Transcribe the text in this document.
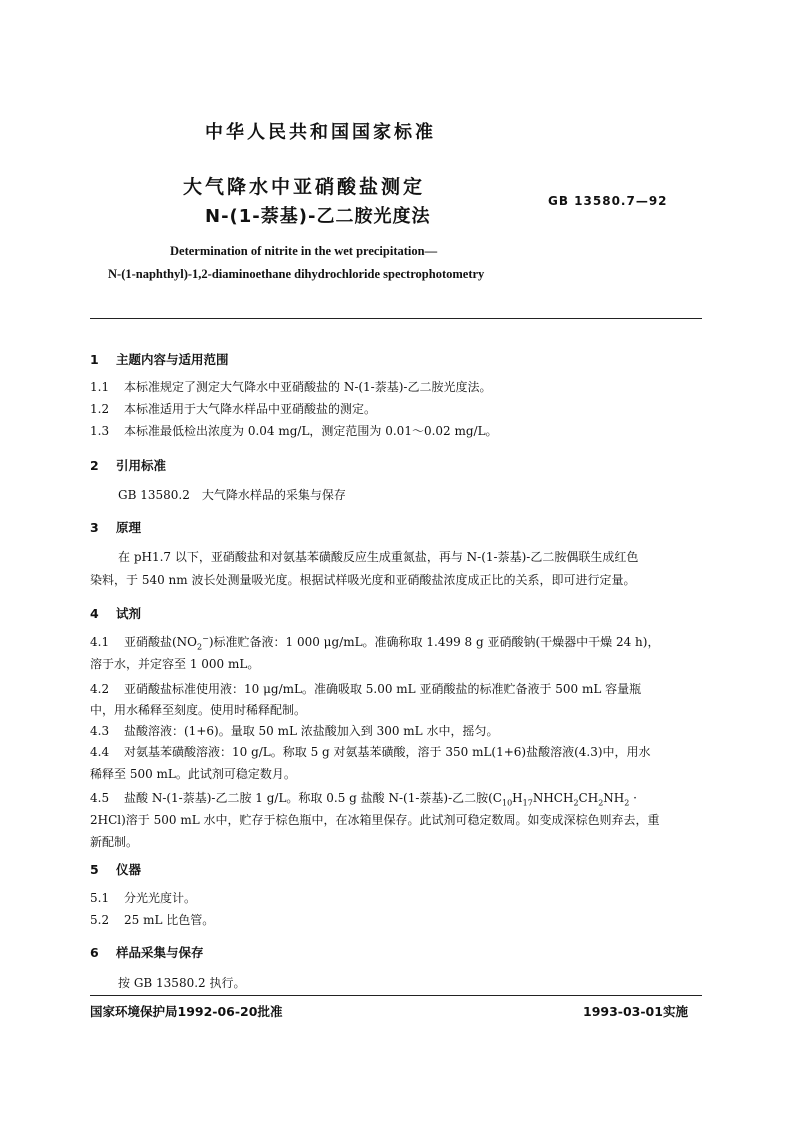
中华人民共和国国家标准
大气降水中亚硝酸盐测定
N-(1-萘基)-乙二胺光度法
GB 13580.7—92
Determination of nitrite in the wet precipitation—
N-(1-naphthyl)-1,2-diaminoethane dihydrochloride spectrophotometry
1 主题内容与适用范围
1.1 本标准规定了测定大气降水中亚硝酸盐的 N-(1-萘基)-乙二胺光度法。
1.2 本标准适用于大气降水样品中亚硝酸盐的测定。
1.3 本标准最低检出浓度为 0.04 mg/L，测定范围为 0.01～0.02 mg/L。
2 引用标准
GB 13580.2　大气降水样品的采集与保存
3 原理
在 pH1.7 以下，亚硝酸盐和对氨基苯磺酸反应生成重氮盐，再与 N-(1-萘基)-乙二胺偶联生成红色
染料，于 540 nm 波长处测量吸光度。根据试样吸光度和亚硝酸盐浓度成正比的关系，即可进行定量。
4 试剂
4.1 亚硝酸盐$(NO_2^-)$标准贮备液：1 000 μg/mL。准确称取 1.499 8 g 亚硝酸钠(干燥器中干燥 24 h)，
溶于水，并定容至 1 000 mL。
4.2 亚硝酸盐标准使用液：10 μg/mL。准确吸取 5.00 mL 亚硝酸盐的标准贮备液于 500 mL 容量瓶
中，用水稀释至刻度。使用时稀释配制。
4.3 盐酸溶液：(1+6)。量取 50 mL 浓盐酸加入到 300 mL 水中，摇匀。
4.4 对氨基苯磺酸溶液：10 g/L。称取 5 g 对氨基苯磺酸，溶于 350 mL(1+6)盐酸溶液(4.3)中，用水
稀释至 500 mL。此试剂可稳定数月。
4.5 盐酸 N-(1-萘基)-乙二胺 1 g/L。称取 0.5 g 盐酸 N-(1-萘基)-乙二胺($C_{10}H_{17}NHCH_2CH_2NH_2$ ·
2HCl)溶于 500 mL 水中，贮存于棕色瓶中，在冰箱里保存。此试剂可稳定数周。如变成深棕色则弃去，重
新配制。
5 仪器
5.1 分光光度计。
5.2 25 mL 比色管。
6 样品采集与保存
按 GB 13580.2 执行。
国家环境保护局1992-06-20批准	1993-03-01实施
